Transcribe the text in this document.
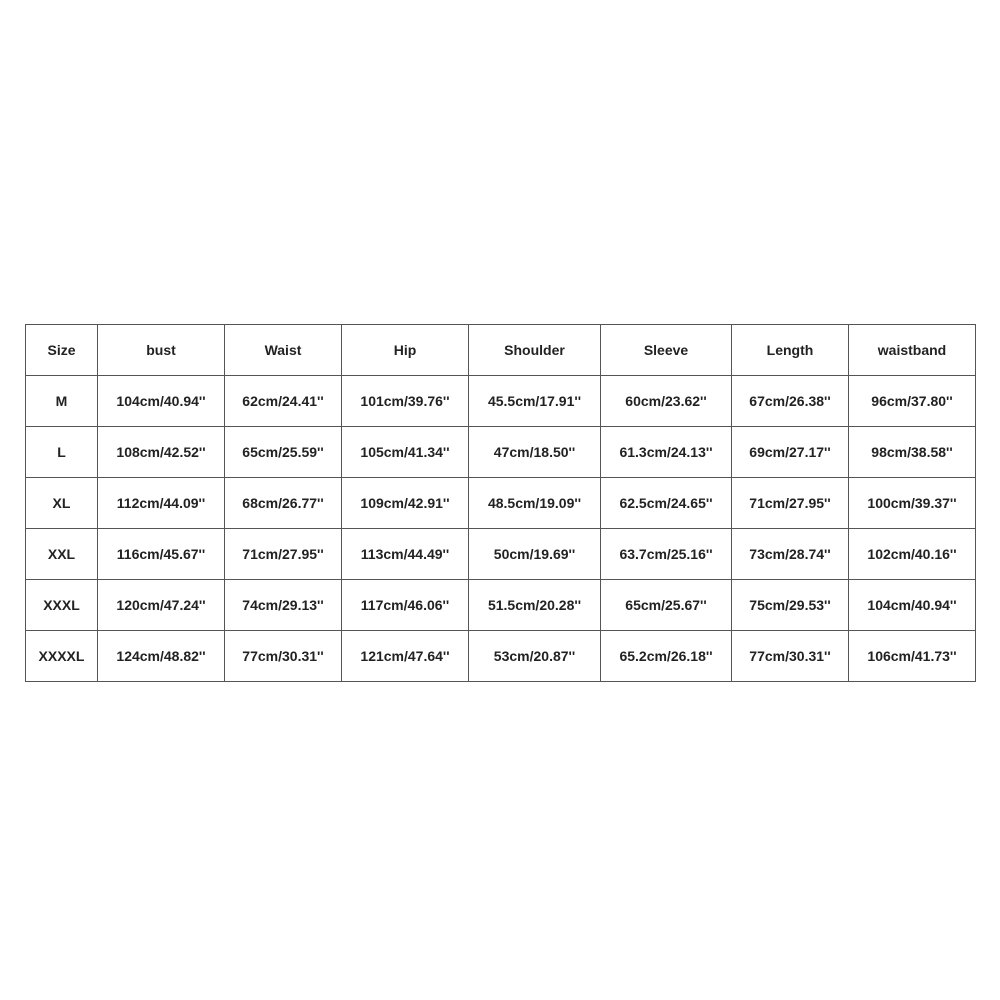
Size	bust	Waist	Hip	Shoulder	Sleeve	Length	waistband
M	104cm/40.94''	62cm/24.41''	101cm/39.76''	45.5cm/17.91''	60cm/23.62''	67cm/26.38''	96cm/37.80''
L	108cm/42.52''	65cm/25.59''	105cm/41.34''	47cm/18.50''	61.3cm/24.13''	69cm/27.17''	98cm/38.58''
XL	112cm/44.09''	68cm/26.77''	109cm/42.91''	48.5cm/19.09''	62.5cm/24.65''	71cm/27.95''	100cm/39.37''
XXL	116cm/45.67''	71cm/27.95''	113cm/44.49''	50cm/19.69''	63.7cm/25.16''	73cm/28.74''	102cm/40.16''
XXXL	120cm/47.24''	74cm/29.13''	117cm/46.06''	51.5cm/20.28''	65cm/25.67''	75cm/29.53''	104cm/40.94''
XXXXL	124cm/48.82''	77cm/30.31''	121cm/47.64''	53cm/20.87''	65.2cm/26.18''	77cm/30.31''	106cm/41.73''
